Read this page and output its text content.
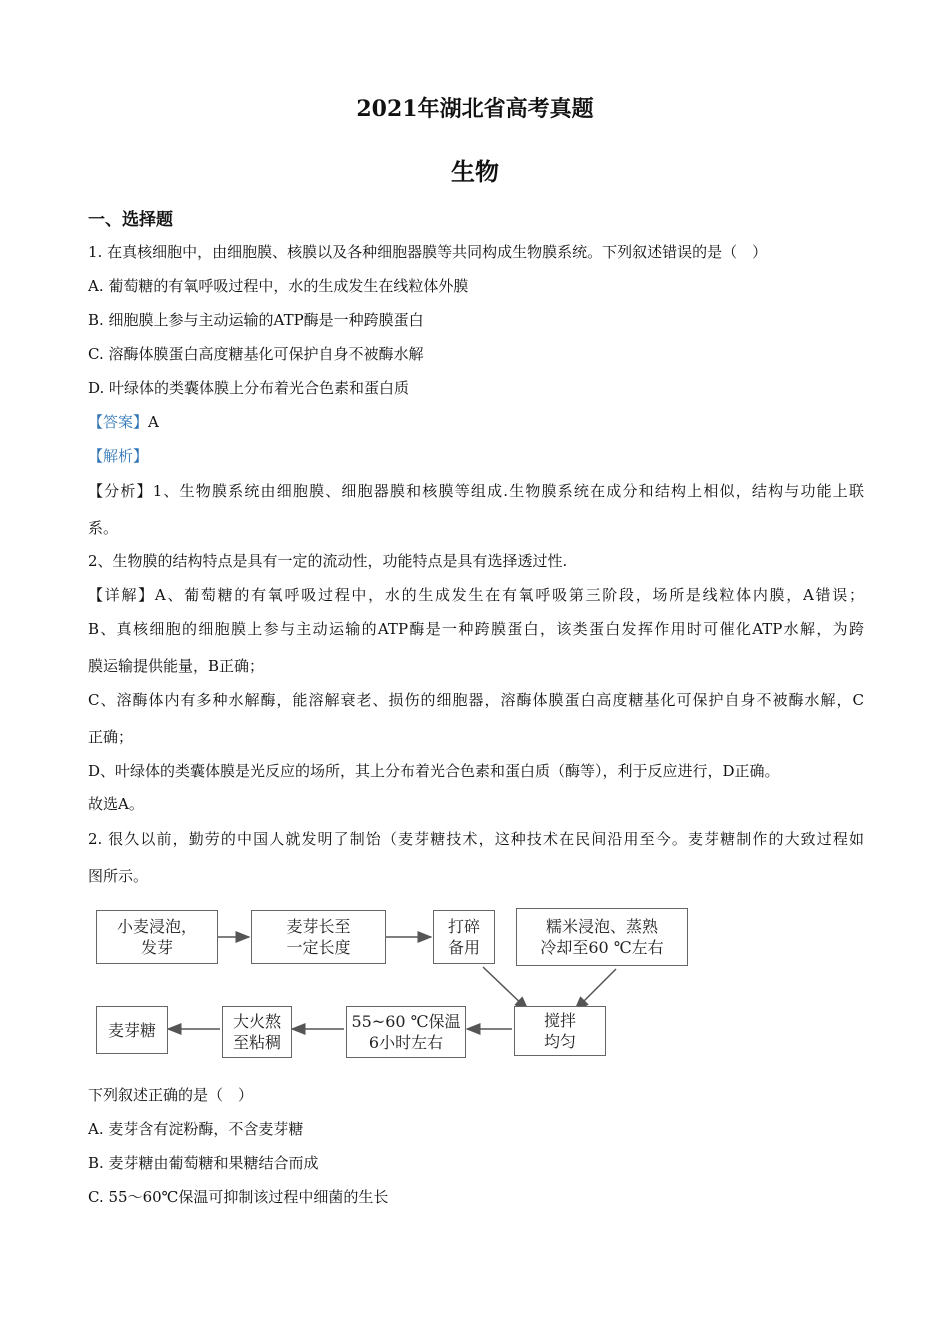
2021年湖北省高考真题
生物
一、选择题
1. 在真核细胞中，由细胞膜、核膜以及各种细胞器膜等共同构成生物膜系统。下列叙述错误的是（　）
A. 葡萄糖的有氧呼吸过程中，水的生成发生在线粒体外膜
B. 细胞膜上参与主动运输的ATP酶是一种跨膜蛋白
C. 溶酶体膜蛋白高度糖基化可保护自身不被酶水解
D. 叶绿体的类囊体膜上分布着光合色素和蛋白质
【答案】A
【解析】
【分析】1、生物膜系统由细胞膜、细胞器膜和核膜等组成.生物膜系统在成分和结构上相似，结构与功能上联
系。
2、生物膜的结构特点是具有一定的流动性，功能特点是具有选择透过性.
【详解】A、葡萄糖的有氧呼吸过程中，水的生成发生在有氧呼吸第三阶段，场所是线粒体内膜，A错误；
B、真核细胞的细胞膜上参与主动运输的ATP酶是一种跨膜蛋白，该类蛋白发挥作用时可催化ATP水解，为跨
膜运输提供能量，B正确；
C、溶酶体内有多种水解酶，能溶解衰老、损伤的细胞器，溶酶体膜蛋白高度糖基化可保护自身不被酶水解，C
正确；
D、叶绿体的类囊体膜是光反应的场所，其上分布着光合色素和蛋白质（酶等），利于反应进行，D正确。
故选A。
2. 很久以前，勤劳的中国人就发明了制饴（麦芽糖技术，这种技术在民间沿用至今。麦芽糖制作的大致过程如
图所示。
小麦浸泡，
发芽
麦芽长至
一定长度
打碎
备用
糯米浸泡、蒸熟
冷却至60 ℃左右
搅拌
均匀
55~60 ℃保温
6小时左右
大火熬
至粘稠
麦芽糖
下列叙述正确的是（　）
A. 麦芽含有淀粉酶，不含麦芽糖
B. 麦芽糖由葡萄糖和果糖结合而成
C. 55～60℃保温可抑制该过程中细菌的生长
